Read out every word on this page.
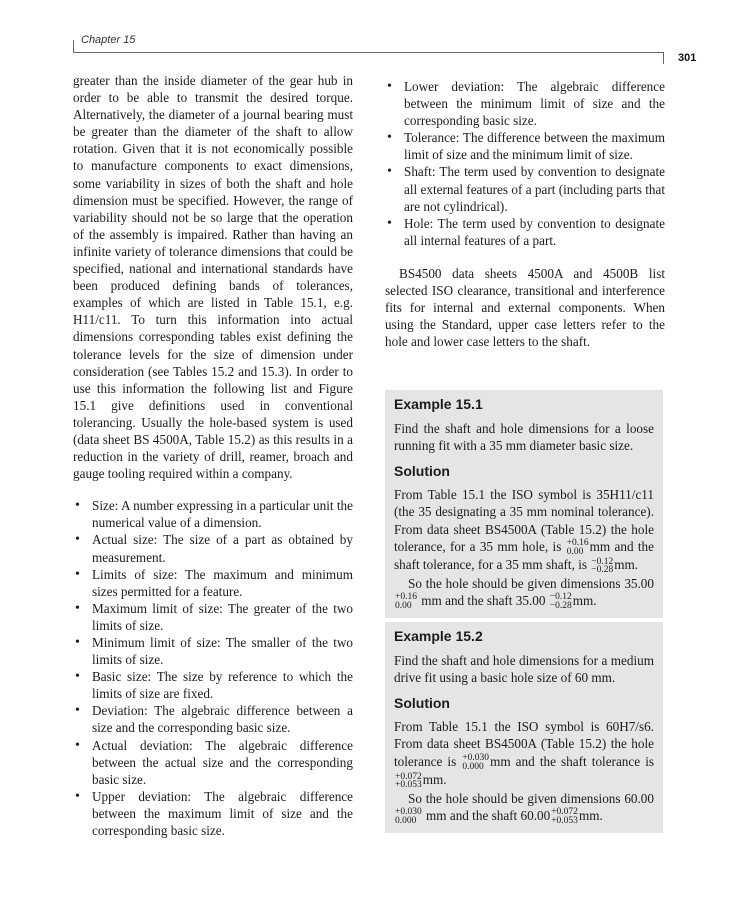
Chapter 15
301

greater than the inside diameter of the gear hub in order to be able to transmit the desired torque. Alternatively, the diameter of a journal bearing must be greater than the diameter of the shaft to allow rotation. Given that it is not economically possible to manufacture components to exact dimensions, some variability in sizes of both the shaft and hole dimension must be specified. However, the range of variability should not be so large that the operation of the assembly is impaired. Rather than having an infinite variety of tolerance dimensions that could be specified, national and international standards have been produced defining bands of tolerances, examples of which are listed in Table 15.1, e.g. H11/c11. To turn this information into actual dimensions corresponding tables exist defining the tolerance levels for the size of dimension under consideration (see Tables 15.2 and 15.3). In order to use this information the following list and Figure 15.1 give definitions used in conventional tolerancing. Usually the hole-based system is used (data sheet BS 4500A, Table 15.2) as this results in a reduction in the variety of drill, reamer, broach and gauge tooling required within a company.

• Size: A number expressing in a particular unit the numerical value of a dimension.
• Actual size: The size of a part as obtained by measurement.
• Limits of size: The maximum and minimum sizes permitted for a feature.
• Maximum limit of size: The greater of the two limits of size.
• Minimum limit of size: The smaller of the two limits of size.
• Basic size: The size by reference to which the limits of size are fixed.
• Deviation: The algebraic difference between a size and the corresponding basic size.
• Actual deviation: The algebraic difference between the actual size and the corresponding basic size.
• Upper deviation: The algebraic difference between the maximum limit of size and the corresponding basic size.
• Lower deviation: The algebraic difference between the minimum limit of size and the corresponding basic size.
• Tolerance: The difference between the maximum limit of size and the minimum limit of size.
• Shaft: The term used by convention to designate all external features of a part (including parts that are not cylindrical).
• Hole: The term used by convention to designate all internal features of a part.

BS4500 data sheets 4500A and 4500B list selected ISO clearance, transitional and interference fits for internal and external components. When using the Standard, upper case letters refer to the hole and lower case letters to the shaft.

Example 15.1

Find the shaft and hole dimensions for a loose running fit with a 35 mm diameter basic size.

Solution

From Table 15.1 the ISO symbol is 35H11/c11 (the 35 designating a 35 mm nominal tolerance). From data sheet BS4500A (Table 15.2) the hole tolerance, for a 35 mm hole, is +0.16
0.00 mm and the shaft tolerance, for a 35 mm shaft, is −0.12
−0.28 mm.

So the hole should be given dimensions 35.00
+0.16
0.00 mm and the shaft 35.00 −0.12
−0.28 mm.

Example 15.2

Find the shaft and hole dimensions for a medium drive fit using a basic hole size of 60 mm.

Solution

From Table 15.1 the ISO symbol is 60H7/s6. From data sheet BS4500A (Table 15.2) the hole tolerance is +0.030
0.000 mm and the shaft tolerance is
+0.072
+0.053 mm.

So the hole should be given dimensions 60.00
+0.030
0.000 mm and the shaft 60.00 +0.072
+0.053 mm.
